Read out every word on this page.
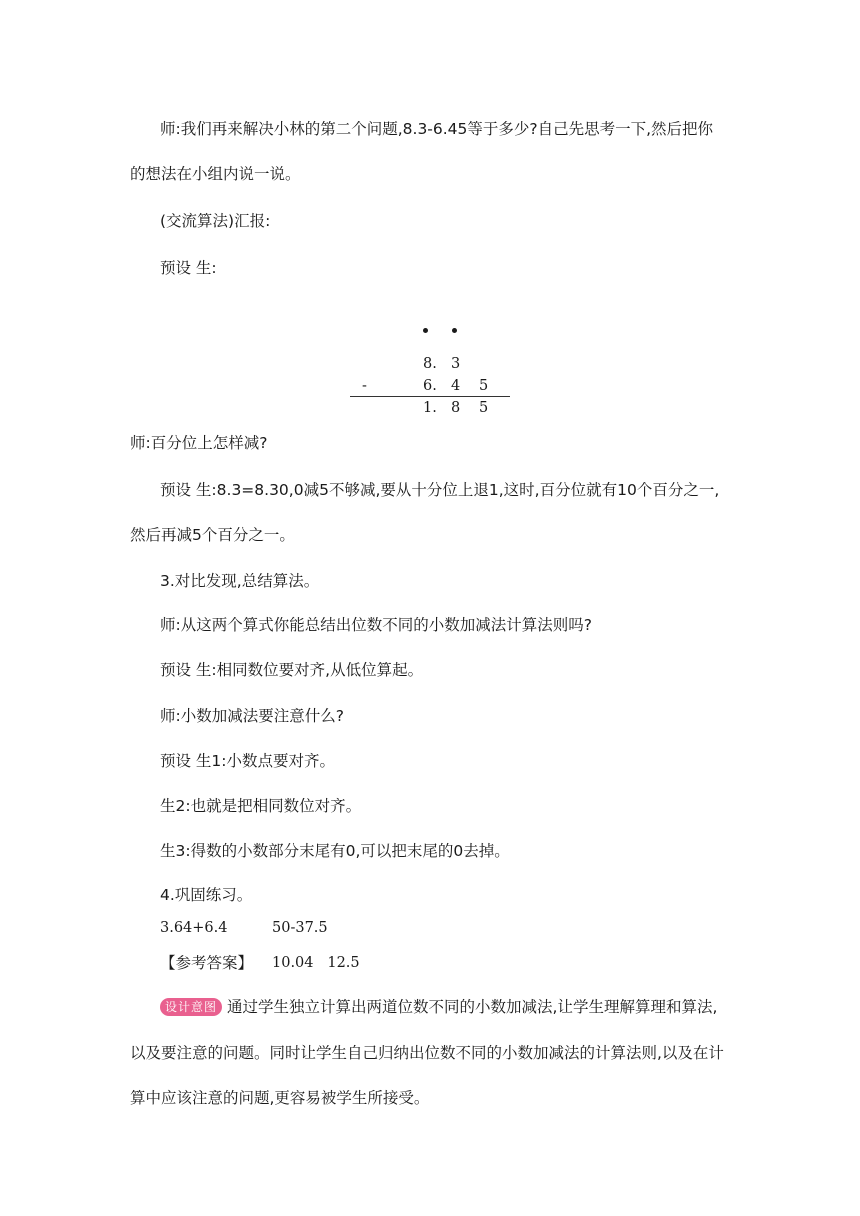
师:我们再来解决小林的第二个问题,8.3-6.45等于多少?自己先思考一下,然后把你
的想法在小组内说一说。
(交流算法)汇报:
预设 生:
8. 3
-	6. 4 5
1. 8 5
师:百分位上怎样减?
预设 生:8.3=8.30,0减5不够减,要从十分位上退1,这时,百分位就有10个百分之一,
然后再减5个百分之一。
3.对比发现,总结算法。
师:从这两个算式你能总结出位数不同的小数加减法计算法则吗?
预设 生:相同数位要对齐,从低位算起。
师:小数加减法要注意什么?
预设 生1:小数点要对齐。
生2:也就是把相同数位对齐。
生3:得数的小数部分末尾有0,可以把末尾的0去掉。
4.巩固练习。
3.64+6.4	50-37.5
【参考答案】 10.04   12.5
设计意图 通过学生独立计算出两道位数不同的小数加减法,让学生理解算理和算法,
以及要注意的问题。同时让学生自己归纳出位数不同的小数加减法的计算法则,以及在计
算中应该注意的问题,更容易被学生所接受。
